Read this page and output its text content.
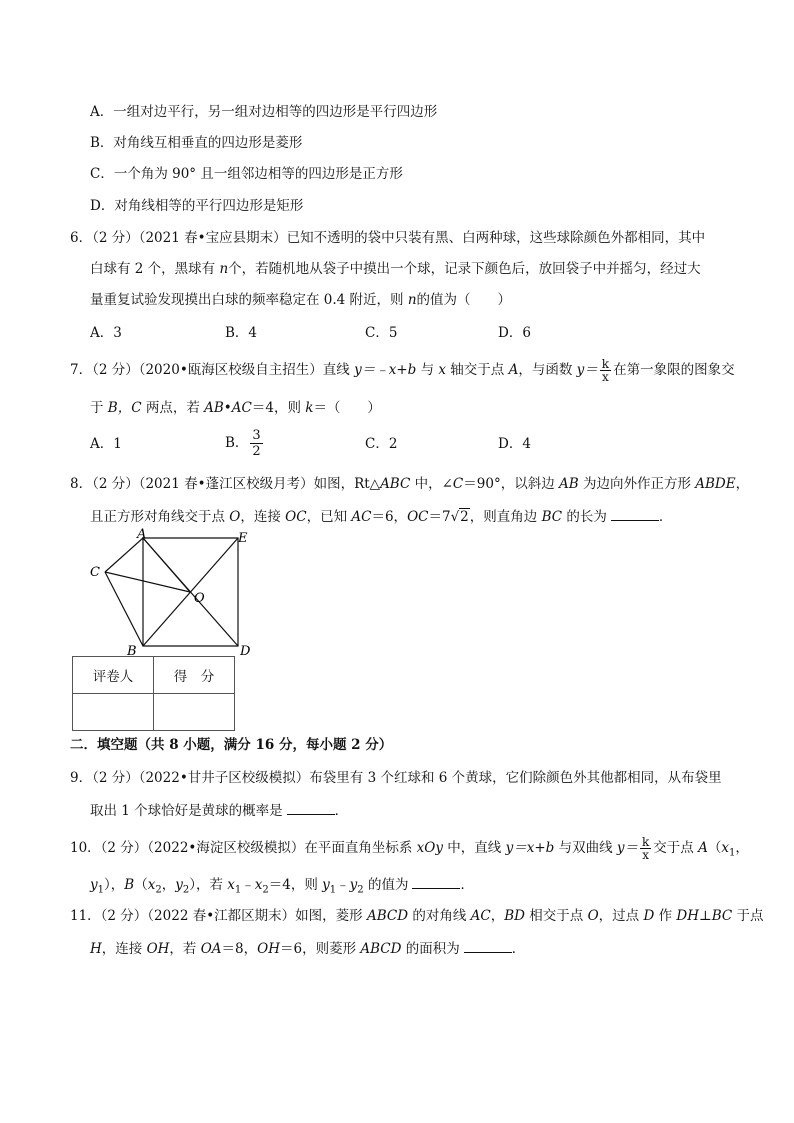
A．一组对边平行，另一组对边相等的四边形是平行四边形
B．对角线互相垂直的四边形是菱形
C．一个角为 90° 且一组邻边相等的四边形是正方形
D．对角线相等的平行四边形是矩形
6．（2 分）（2021 春•宝应县期末）已知不透明的袋中只装有黑、白两种球，这些球除颜色外都相同，其中
白球有 2 个，黑球有 n个，若随机地从袋子中摸出一个球，记录下颜色后，放回袋子中并摇匀，经过大
量重复试验发现摸出白球的频率稳定在 0.4 附近，则 n的值为（　　）
A．3	B．4	C．5	D．6
7．（2 分）（2020•瓯海区校级自主招生）直线 y＝﹣x+b 与 x 轴交于点 A，与函数 $y= \frac{k}{x}$ 在第一象限的图象交
于 B，C 两点，若 AB•AC＝4，则 k＝（　　）
A．1	B． $\frac{3}{2}$	C．2	D．4
8．（2 分）（2021 春•蓬江区校级月考）如图，Rt△ABC 中，∠C＝90°，以斜边 AB 为边向外作正方形 ABDE，
且正方形对角线交于点 O，连接 OC，已知 AC＝6，OC＝7√2，则直角边 BC 的长为	．
A
C
B	D
E
O
评卷人	得　分

二．填空题（共 8 小题，满分 16 分，每小题 2 分）
9．（2 分）（2022•甘井子区校级模拟）布袋里有 3 个红球和 6 个黄球，它们除颜色外其他都相同，从布袋里
取出 1 个球恰好是黄球的概率是	．
10．（2 分）（2022•海淀区校级模拟）在平面直角坐标系 xOy 中，直线 y＝x+b 与双曲线 $y= \frac{k}{x}$ 交于点 $A(x_1$，
$y_1$），$B(x_2$，$y_2$），若 $x_1﹣x_2=4$，则 $y_1﹣y_2$ 的值为	．
11．（2 分）（2022 春•江都区期末）如图，菱形 ABCD 的对角线 AC，BD 相交于点 O，过点 D 作 DH⊥BC 于点
H，连接 OH，若 OA＝8，OH＝6，则菱形 ABCD 的面积为	．
